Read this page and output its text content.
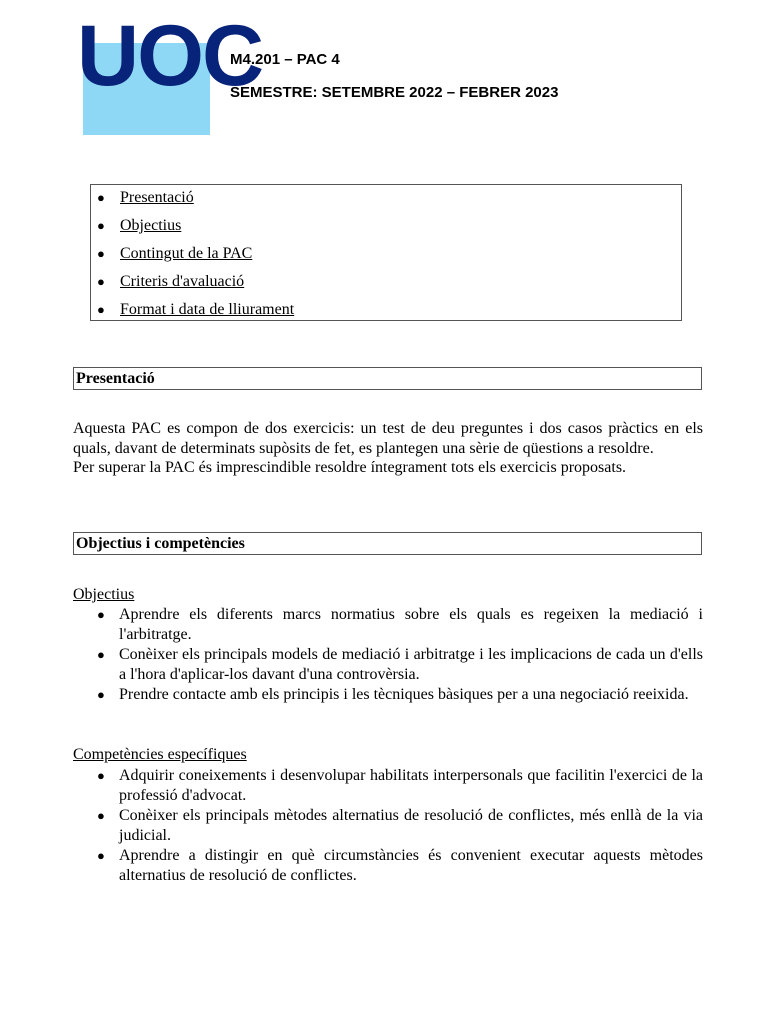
UOC
M4.201 – PAC 4
SEMESTRE: SETEMBRE 2022 – FEBRER 2023
● Presentació
● Objectius
● Contingut de la PAC
● Criteris d'avaluació
● Format i data de lliurament
Presentació

Aquesta PAC es compon de dos exercicis: un test de deu preguntes i dos casos pràctics en els quals, davant de determinats supòsits de fet, es plantegen una sèrie de qüestions a resoldre.

Per superar la PAC és imprescindible resoldre íntegrament tots els exercicis proposats.

Objectius i competències
Objectius
● Aprendre els diferents marcs normatius sobre els quals es regeixen la mediació i l'arbitratge.
● Conèixer els principals models de mediació i arbitratge i les implicacions de cada un d'ells a l'hora d'aplicar-los davant d'una controvèrsia.
● Prendre contacte amb els principis i les tècniques bàsiques per a una negociació reeixida.
Competències específiques
● Adquirir coneixements i desenvolupar habilitats interpersonals que facilitin l'exercici de la professió d'advocat.
● Conèixer els principals mètodes alternatius de resolució de conflictes, més enllà de la via judicial.
● Aprendre a distingir en què circumstàncies és convenient executar aquests mètodes alternatius de resolució de conflictes.
